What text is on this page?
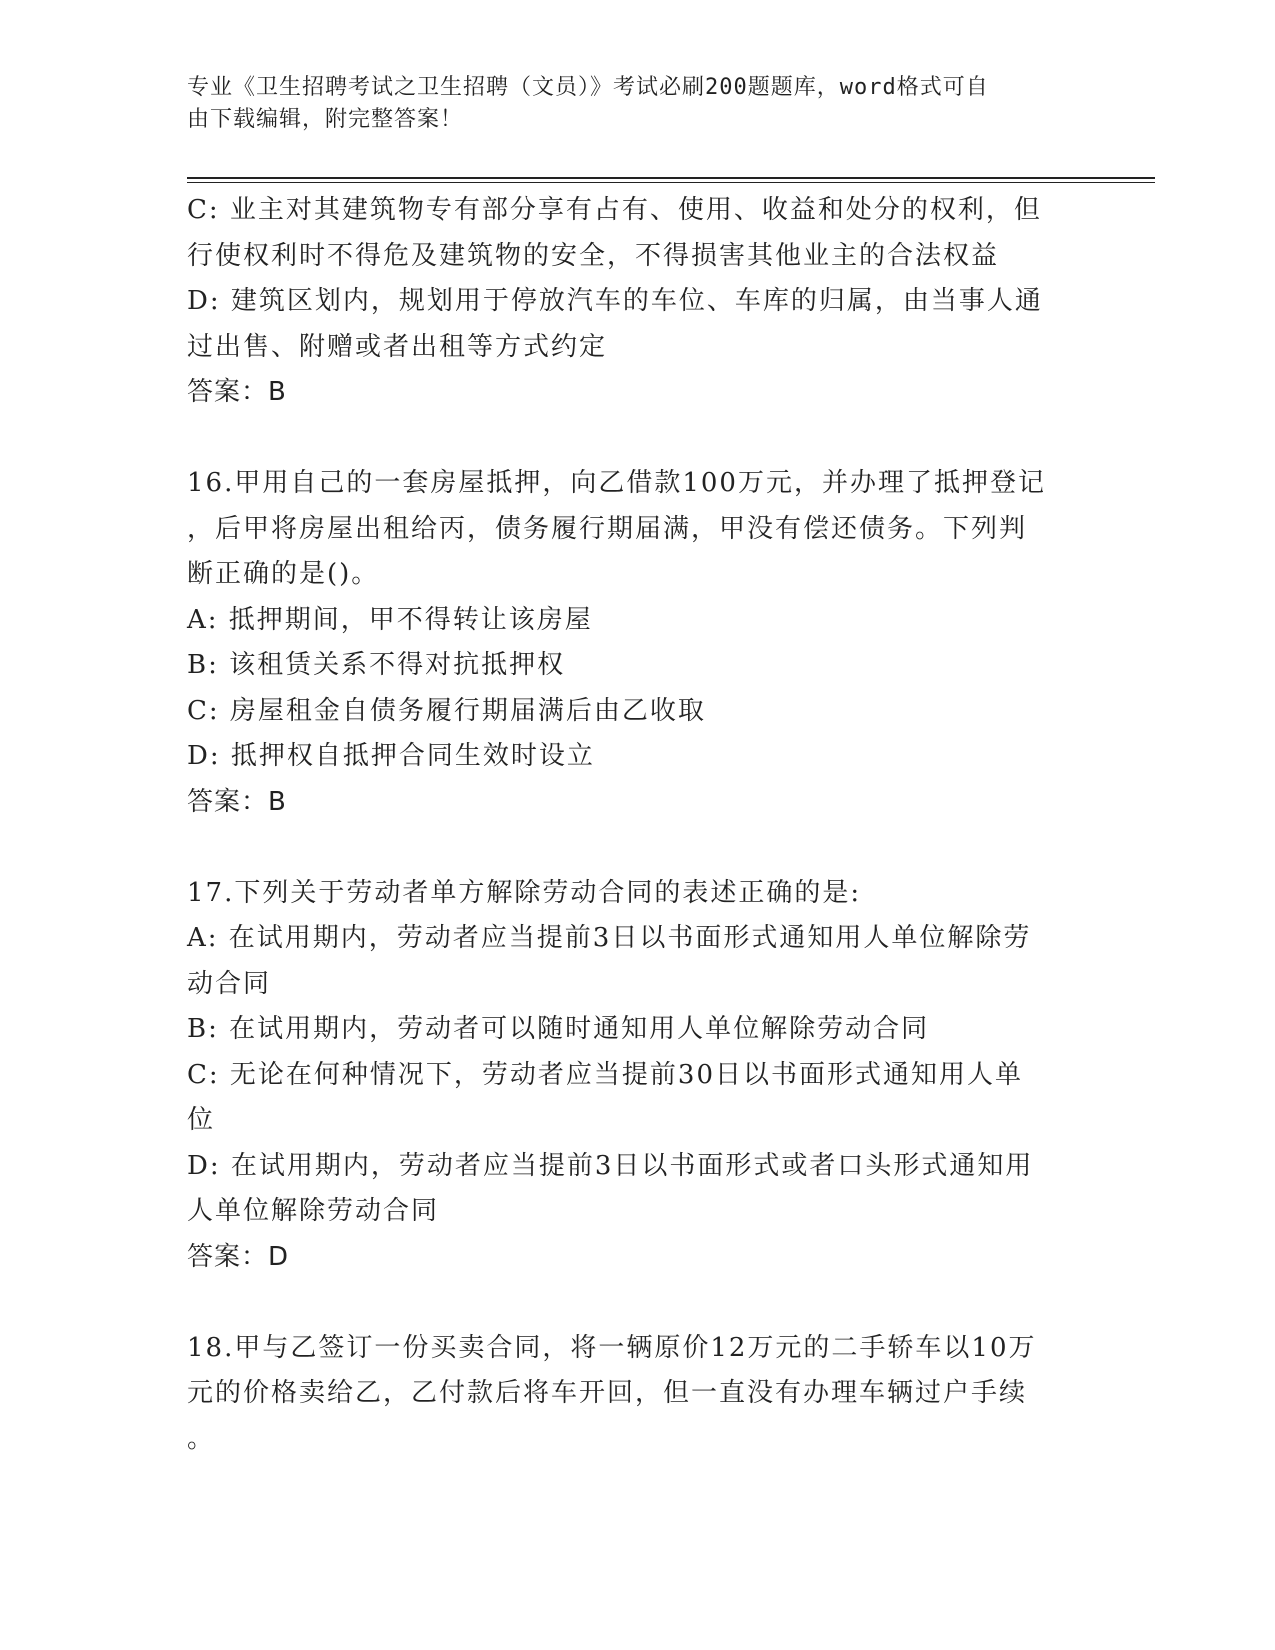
专业《卫生招聘考试之卫生招聘（文员）》考试必刷200题题库，word格式可自
由下载编辑，附完整答案！
C: 业主对其建筑物专有部分享有占有、使用、收益和处分的权利，但
行使权利时不得危及建筑物的安全，不得损害其他业主的合法权益
D: 建筑区划内，规划用于停放汽车的车位、车库的归属，由当事人通
过出售、附赠或者出租等方式约定
答案：B
16.甲用自己的一套房屋抵押，向乙借款100万元，并办理了抵押登记
，后甲将房屋出租给丙，债务履行期届满，甲没有偿还债务。下列判
断正确的是()。
A: 抵押期间，甲不得转让该房屋
B: 该租赁关系不得对抗抵押权
C: 房屋租金自债务履行期届满后由乙收取
D: 抵押权自抵押合同生效时设立
答案：B
17.下列关于劳动者单方解除劳动合同的表述正确的是:
A: 在试用期内，劳动者应当提前3日以书面形式通知用人单位解除劳
动合同
B: 在试用期内，劳动者可以随时通知用人单位解除劳动合同
C: 无论在何种情况下，劳动者应当提前30日以书面形式通知用人单
位
D: 在试用期内，劳动者应当提前3日以书面形式或者口头形式通知用
人单位解除劳动合同
答案：D
18.甲与乙签订一份买卖合同，将一辆原价12万元的二手轿车以10万
元的价格卖给乙，乙付款后将车开回，但一直没有办理车辆过户手续
。
